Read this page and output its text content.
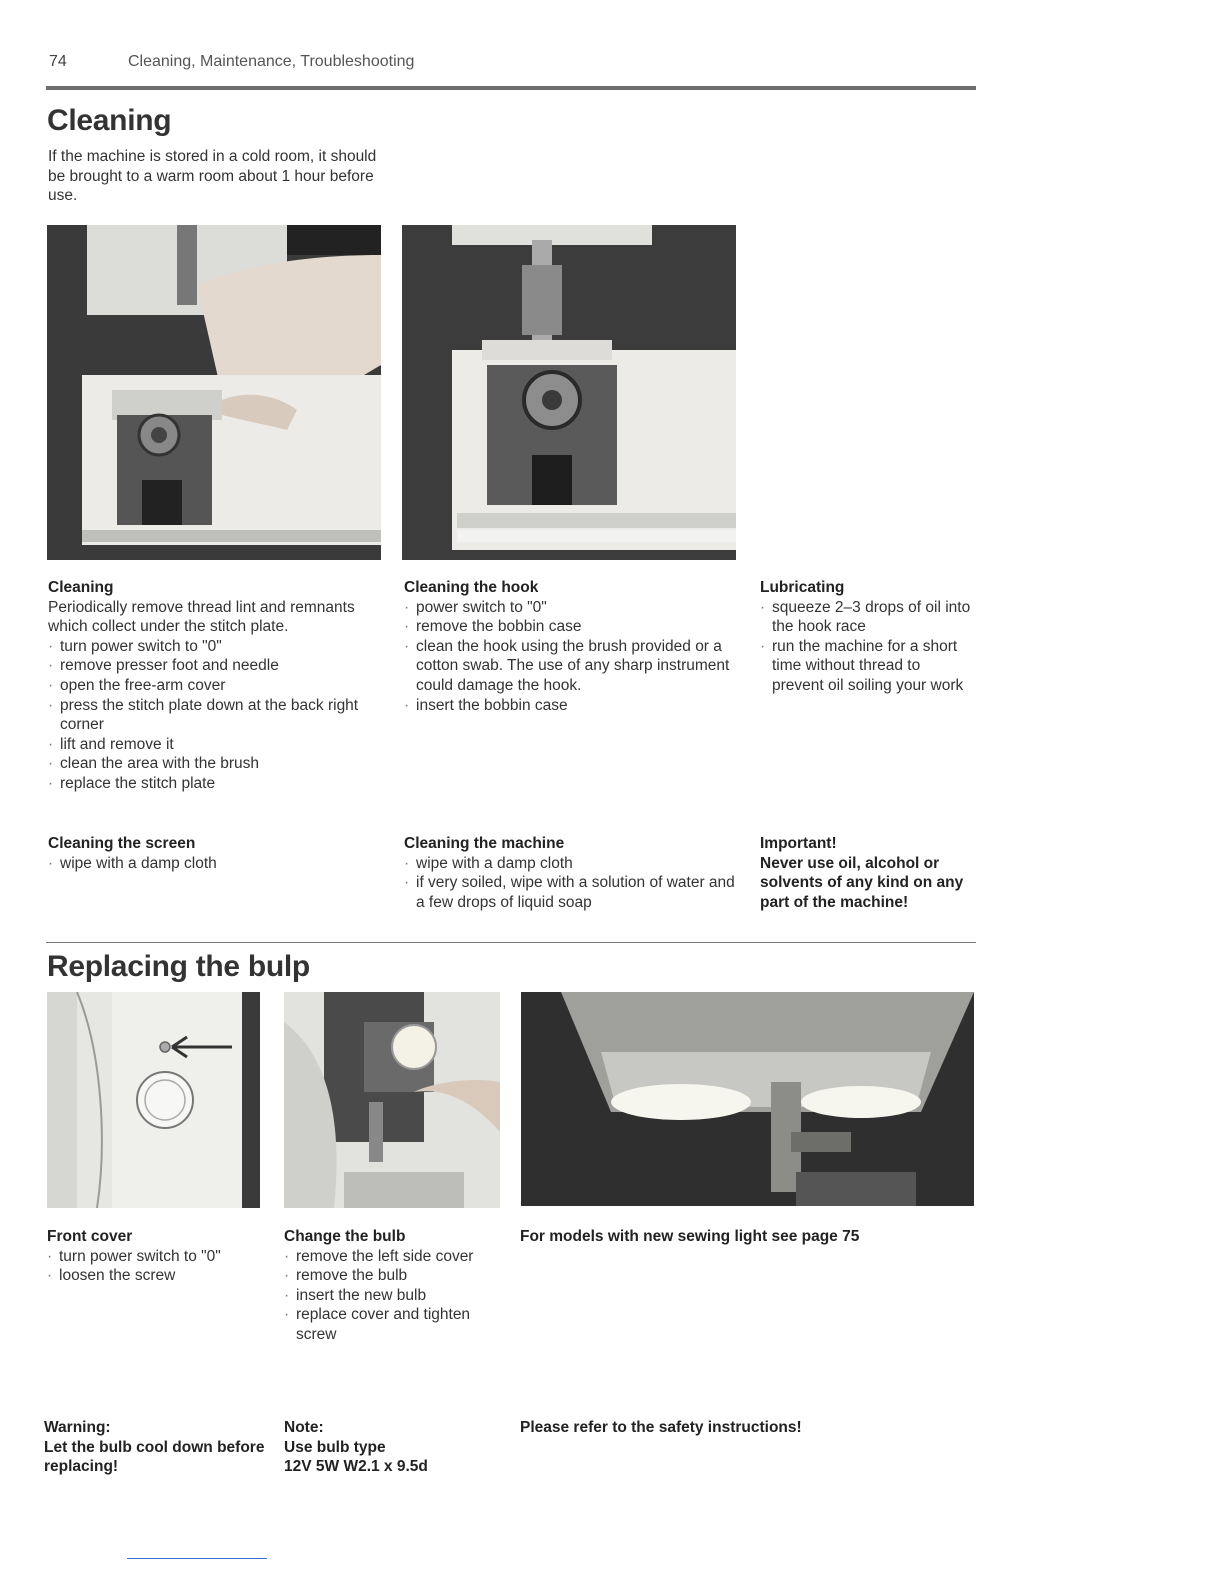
74	Cleaning, Maintenance, Troubleshooting
Cleaning
If the machine is stored in a cold room, it should be brought to a warm room about 1 hour before use.
Cleaning
Periodically remove thread lint and remnants which collect under the stitch plate.
· turn power switch to "0"
· remove presser foot and needle
· open the free-arm cover
· press the stitch plate down at the back right corner
· lift and remove it
· clean the area with the brush
· replace the stitch plate
Cleaning the hook
· power switch to "0"
· remove the bobbin case
· clean the hook using the brush provided or a cotton swab. The use of any sharp instrument could damage the hook.
· insert the bobbin case
Lubricating
· squeeze 2–3 drops of oil into the hook race
· run the machine for a short time without thread to prevent oil soiling your work
Cleaning the screen
· wipe with a damp cloth
Cleaning the machine
· wipe with a damp cloth
· if very soiled, wipe with a solution of water and a few drops of liquid soap
Important!
Never use oil, alcohol or solvents of any kind on any part of the machine!
Replacing the bulp
Front cover
· turn power switch to "0"
· loosen the screw
Change the bulb
· remove the left side cover
· remove the bulb
· insert the new bulb
· replace cover and tighten screw
For models with new sewing light see page 75
Warning:
Let the bulb cool down before replacing!
Note:
Use bulb type
12V 5W W2.1 x 9.5d
Please refer to the safety instructions!
